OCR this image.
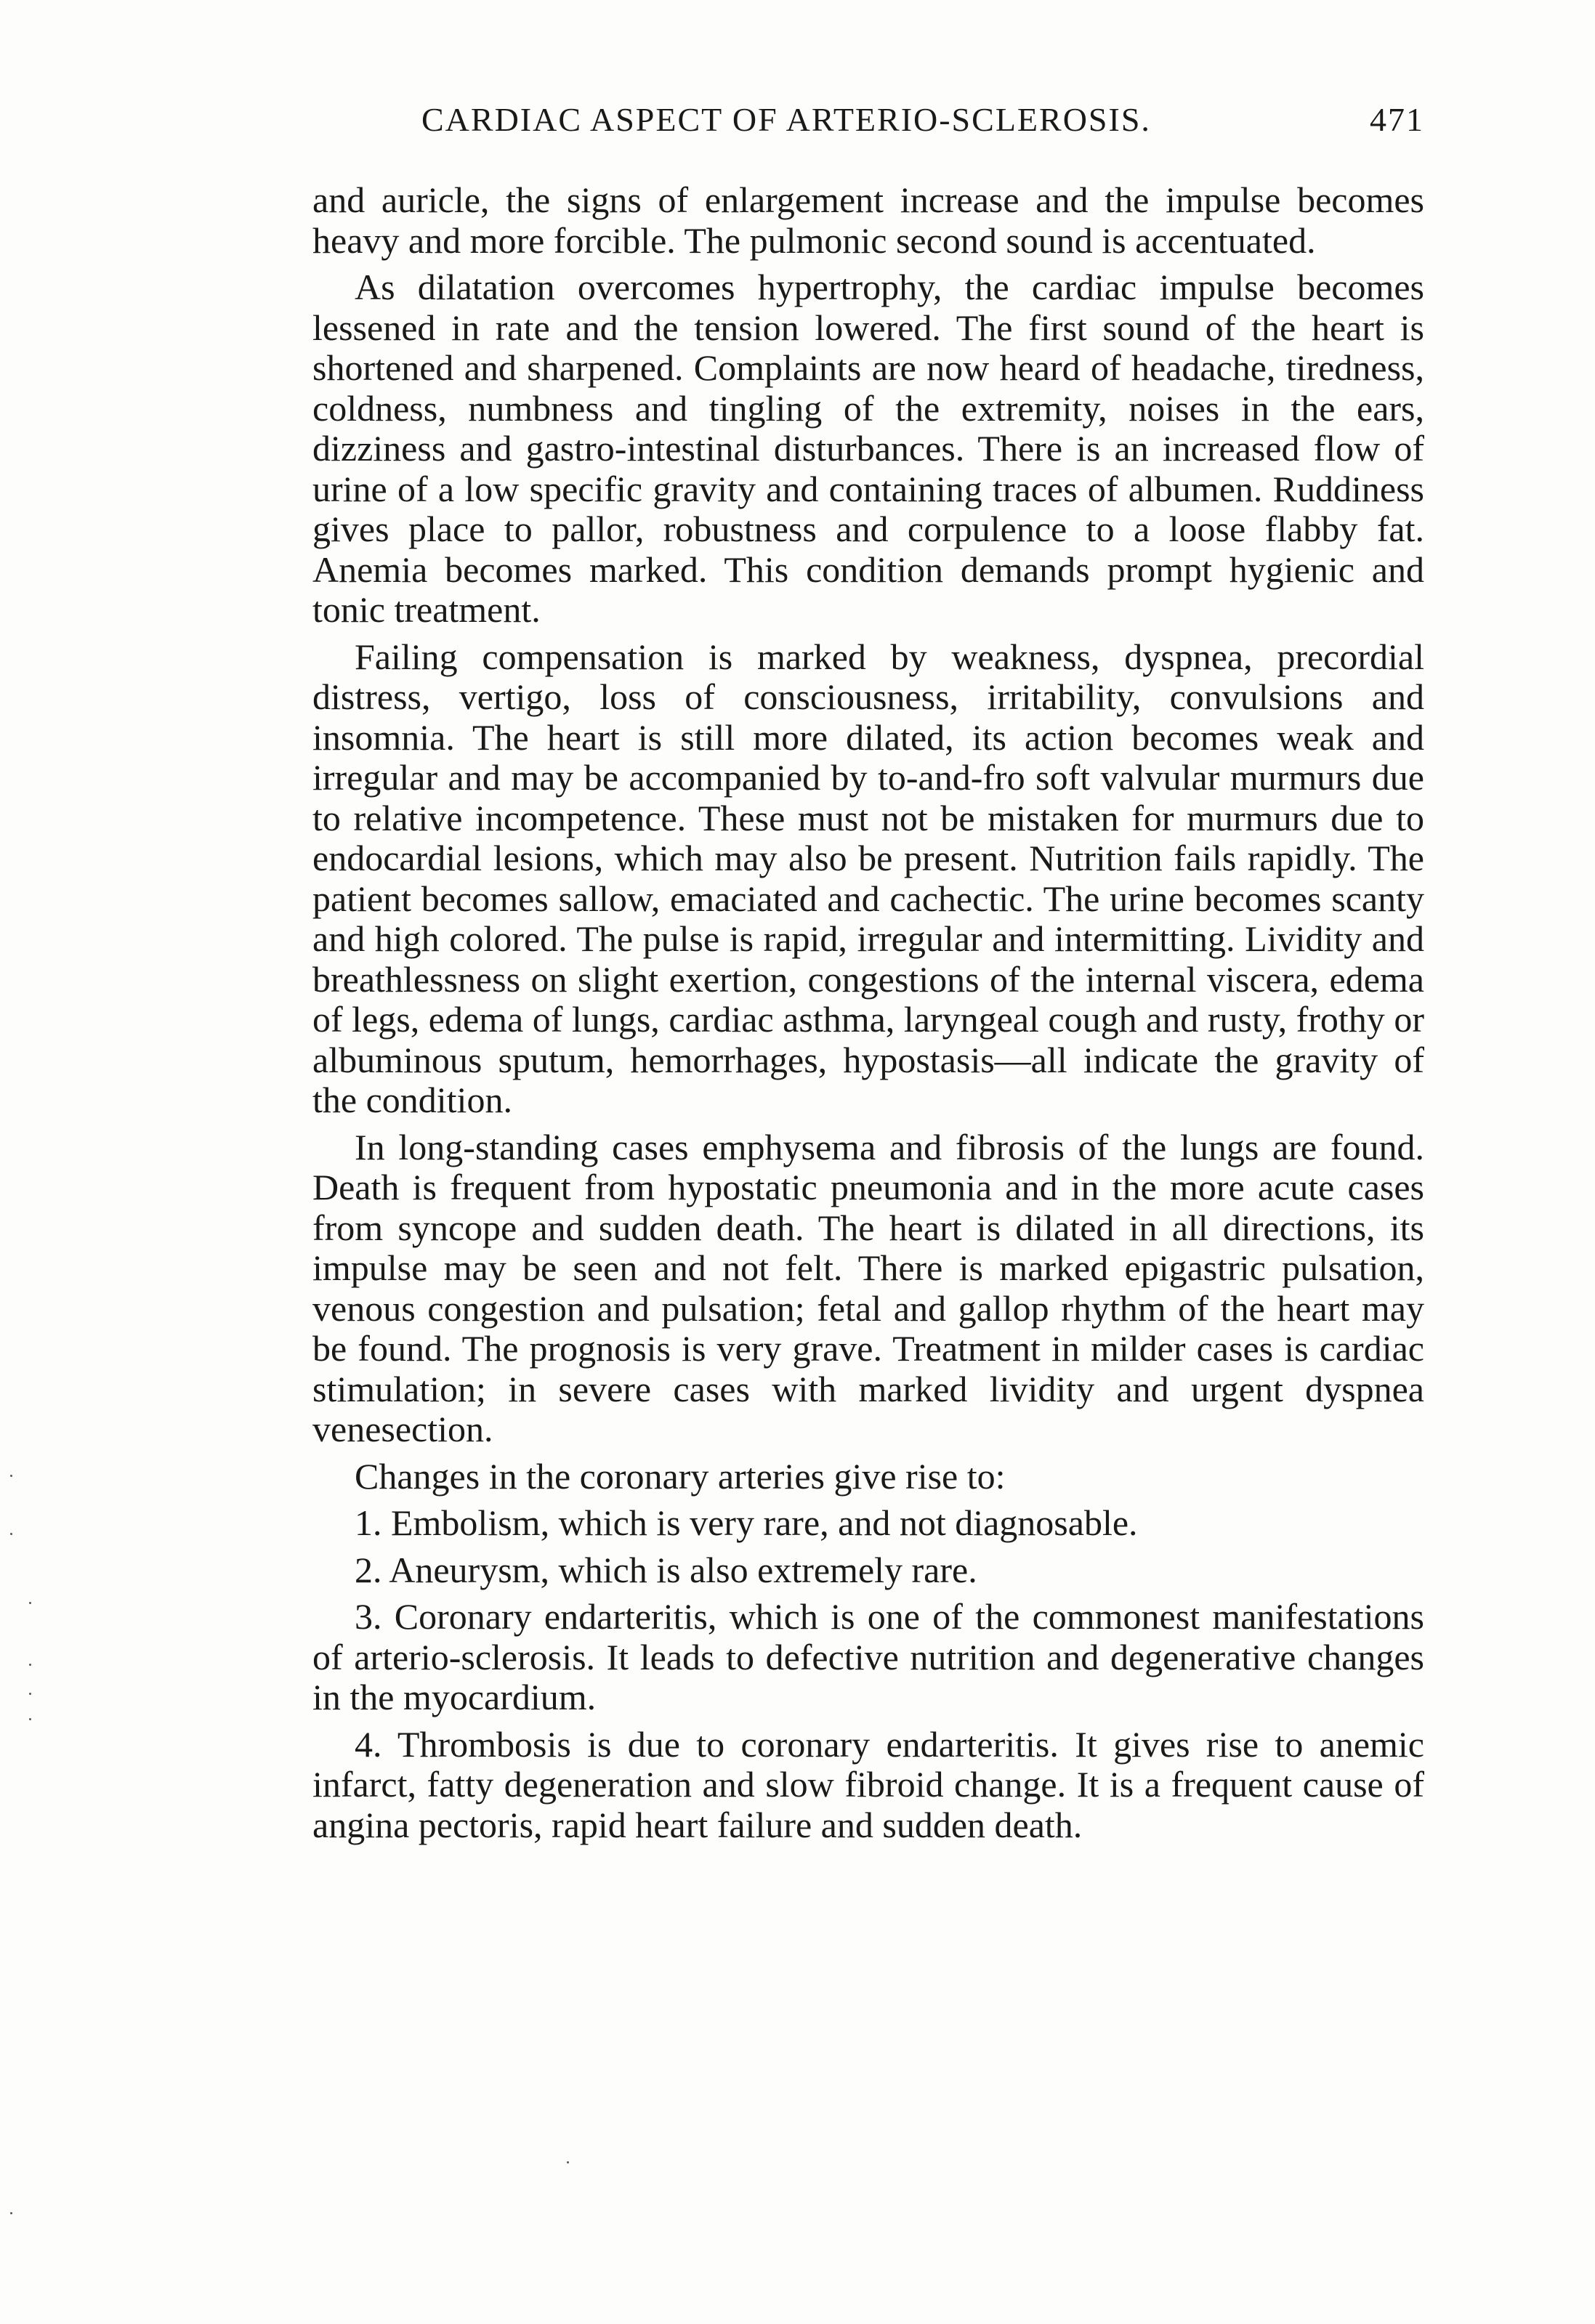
CARDIAC ASPECT OF ARTERIO-SCLEROSIS.	471

and auricle, the signs of enlargement increase and the impulse becomes heavy and more forcible. The pulmonic second sound is accentuated.

As dilatation overcomes hypertrophy, the cardiac impulse becomes lessened in rate and the tension lowered. The first sound of the heart is shortened and sharpened. Complaints are now heard of headache, tiredness, coldness, numbness and tingling of the extremity, noises in the ears, dizziness and gastro-intestinal disturbances. There is an increased flow of urine of a low specific gravity and containing traces of albumen. Ruddiness gives place to pallor, robustness and corpulence to a loose flabby fat. Anemia becomes marked. This condition demands prompt hygienic and tonic treatment.

Failing compensation is marked by weakness, dyspnea, precordial distress, vertigo, loss of consciousness, irritability, convulsions and insomnia. The heart is still more dilated, its action becomes weak and irregular and may be accompanied by to-and-fro soft valvular murmurs due to relative incompetence. These must not be mistaken for murmurs due to endocardial lesions, which may also be present. Nutrition fails rapidly. The patient becomes sallow, emaciated and cachectic. The urine becomes scanty and high colored. The pulse is rapid, irregular and intermitting. Lividity and breathlessness on slight exertion, congestions of the internal viscera, edema of legs, edema of lungs, cardiac asthma, laryngeal cough and rusty, frothy or albuminous sputum, hemorrhages, hypostasis—all indicate the gravity of the condition.

In long-standing cases emphysema and fibrosis of the lungs are found. Death is frequent from hypostatic pneumonia and in the more acute cases from syncope and sudden death. The heart is dilated in all directions, its impulse may be seen and not felt. There is marked epigastric pulsation, venous congestion and pulsation; fetal and gallop rhythm of the heart may be found. The prognosis is very grave. Treatment in milder cases is cardiac stimulation; in severe cases with marked lividity and urgent dyspnea venesection.

Changes in the coronary arteries give rise to:

1. Embolism, which is very rare, and not diagnosable.

2. Aneurysm, which is also extremely rare.

3. Coronary endarteritis, which is one of the commonest manifestations of arterio-sclerosis. It leads to defective nutrition and degenerative changes in the myocardium.

4. Thrombosis is due to coronary endarteritis. It gives rise to anemic infarct, fatty degeneration and slow fibroid change. It is a frequent cause of angina pectoris, rapid heart failure and sudden death.
